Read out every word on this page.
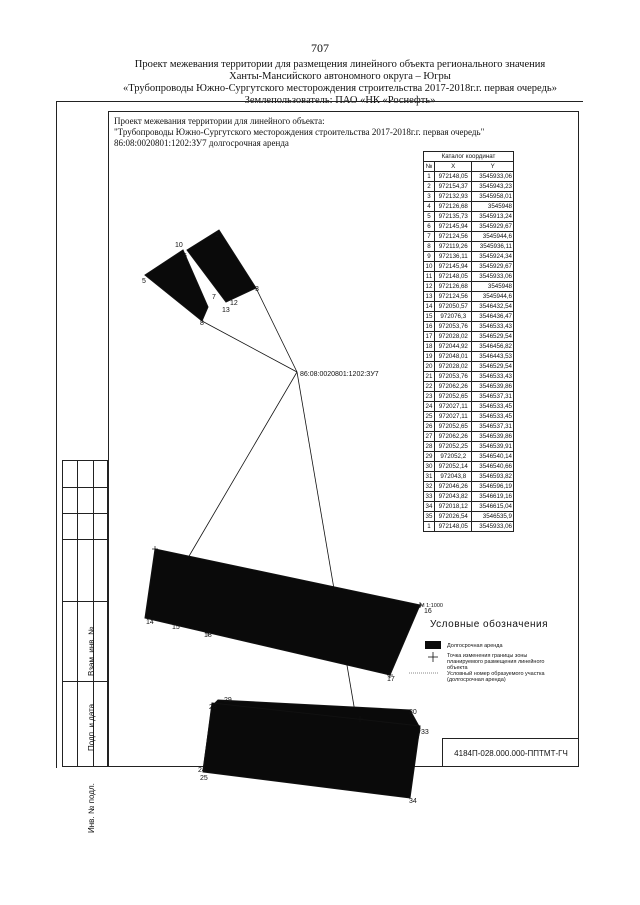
707
Проект межевания территории для размещения линейного объекта регионального значения
Ханты-Мансийского автономного округа – Югры
«Трубопроводы Южно-Сургутского месторождения строительства 2017-2018г.г. первая очередь»
Взам. инв. №
Подп. и дата
Инв. № подл.
Проект межевания территории для линейного объекта:
"Трубопроводы Южно-Сургутского месторождения строительства 2017-2018г.г. первая очередь"
86:08:0020801:1202:ЗУ7 долгосрочная аренда
2
3
5
6
10
8
12
13
7
14
15
18
16
17
29
28
33
30
34
25
24
86:08:0020801:1202:ЗУ7
М 1:1000
Каталог координат		
№	X	Y
1	972148,05	3545933,06
2	972154,37	3545943,23
3	972132,93	3545958,01
4	972126,68	3545948
5	972135,73	3545913,24
6	972145,94	3545929,67
7	972124,56	3545944,6
8	972119,26	3545936,11
9	972136,11	3545924,34
10	972145,94	3545929,67
11	972148,05	3545933,06
12	972126,68	3545948
13	972124,56	3545944,6
14	972050,57	3546432,54
15	972076,3	3546436,47
16	972053,76	3546533,43
17	972028,02	3546529,54
18	972044,92	3546456,82
19	972048,01	3546443,53
20	972028,02	3546529,54
21	972053,76	3546533,43
22	972062,26	3546539,86
23	972052,65	3546537,31
24	972027,11	3546533,45
25	972027,11	3546533,45
26	972052,65	3546537,31
27	972062,26	3546539,86
28	972052,25	3546539,91
29	972052,2	3546540,14
30	972052,14	3546540,66
31	972043,8	3546593,82
32	972046,26	3546596,19
33	972043,82	3546619,16
34	972018,12	3546615,04
35	972026,54	3546535,9
1	972148,05	3545933,06
Условные обозначения
Долгосрочная аренда
Точка изменения границы зоны планируемого размещения линейного объекта
Условный номер образуемого участка (долгосрочная аренда)
4184П-028.000.000-ППТМТ-ГЧ
